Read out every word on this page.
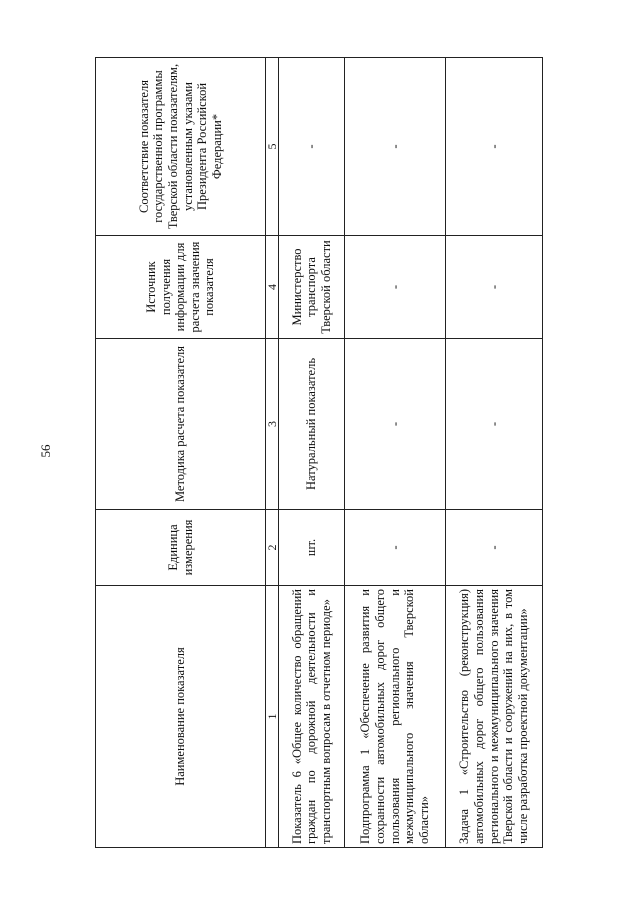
56
Наименование показателя	Единица измерения	Методика расчета показателя	Источник получения информации для расчета значения показателя	Соответствие показателя государственной программы Тверской области показателям, установленным указами Президента Российской Федерации*
1	2	3	4	5
Показатель 6 «Общее количество обращений граждан по дорожной деятельности и транспортным вопросам в отчетном периоде»	шт.	Натуральный показатель	Министерство транспорта Тверской области	-
Подпрограмма 1 «Обеспечение развития и сохранности автомобильных дорог общего пользования регионального и межмуниципального значения Тверской области»	-	-	-	-
Задача 1 «Строительство (реконструкция) автомобильных дорог общего пользования регионального и межмуниципального значения Тверской области и сооружений на них, в том числе разработка проектной документации»	-	-	-	-
